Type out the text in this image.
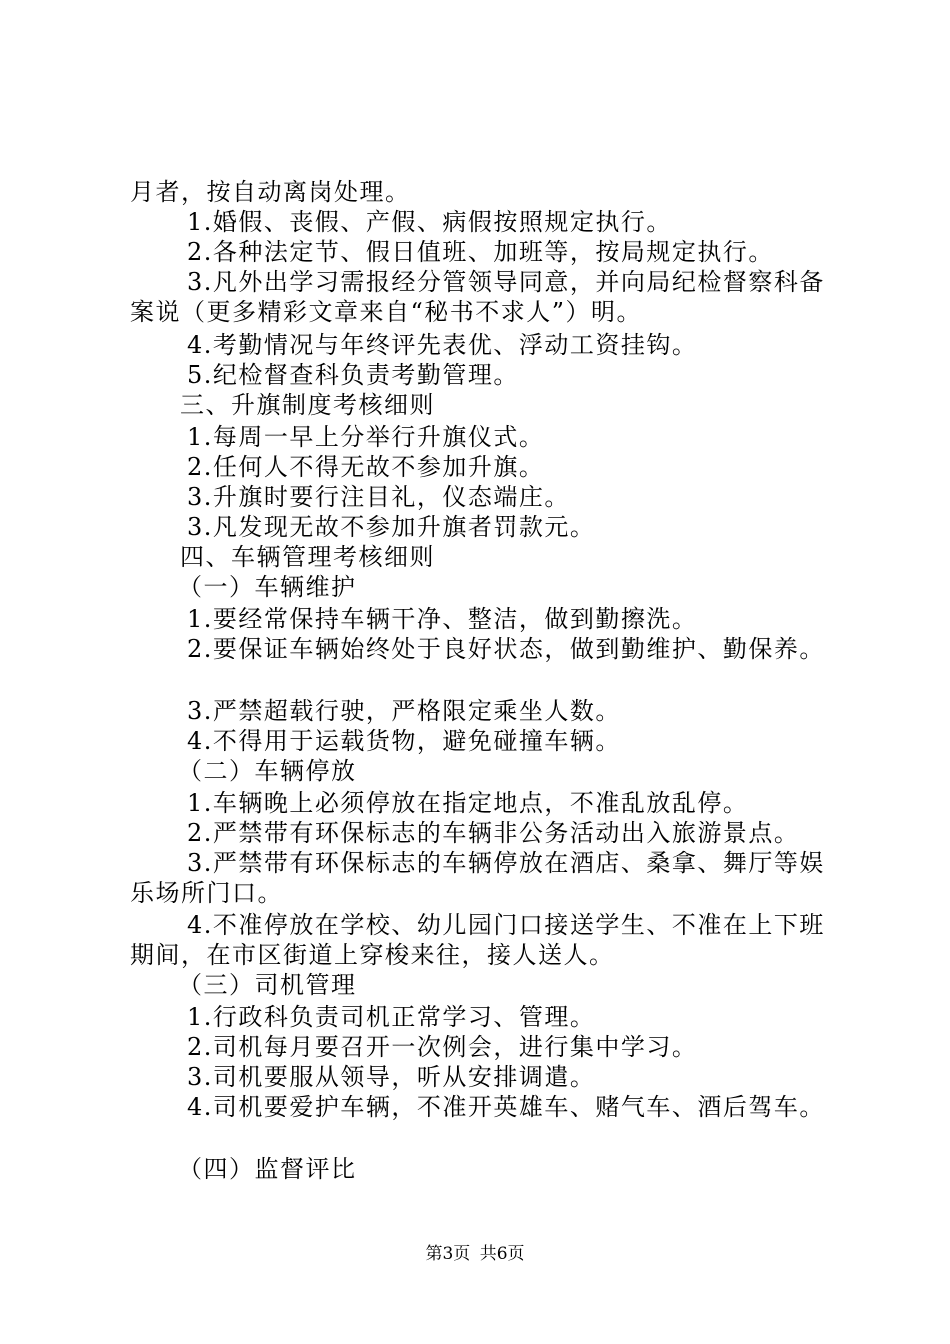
月者，按自动离岗处理。
1.婚假、丧假、产假、病假按照规定执行。
2.各种法定节、假日值班、加班等，按局规定执行。
3.凡外出学习需报经分管领导同意，并向局纪检督察科备
案说（更多精彩文章来自“秘书不求人”）明。
4.考勤情况与年终评先表优、浮动工资挂钩。
5.纪检督查科负责考勤管理。
三、升旗制度考核细则
1.每周一早上分举行升旗仪式。
2.任何人不得无故不参加升旗。
3.升旗时要行注目礼，仪态端庄。
3.凡发现无故不参加升旗者罚款元。
四、车辆管理考核细则
（一）车辆维护
1.要经常保持车辆干净、整洁，做到勤擦洗。
2.要保证车辆始终处于良好状态，做到勤维护、勤保养。
3.严禁超载行驶，严格限定乘坐人数。
4.不得用于运载货物，避免碰撞车辆。
（二）车辆停放
1.车辆晚上必须停放在指定地点，不准乱放乱停。
2.严禁带有环保标志的车辆非公务活动出入旅游景点。
3.严禁带有环保标志的车辆停放在酒店、桑拿、舞厅等娱
乐场所门口。
4.不准停放在学校、幼儿园门口接送学生、不准在上下班
期间，在市区街道上穿梭来往，接人送人。
（三）司机管理
1.行政科负责司机正常学习、管理。
2.司机每月要召开一次例会，进行集中学习。
3.司机要服从领导，听从安排调遣。
4.司机要爱护车辆，不准开英雄车、赌气车、酒后驾车。
（四）监督评比
第3页 共6页
